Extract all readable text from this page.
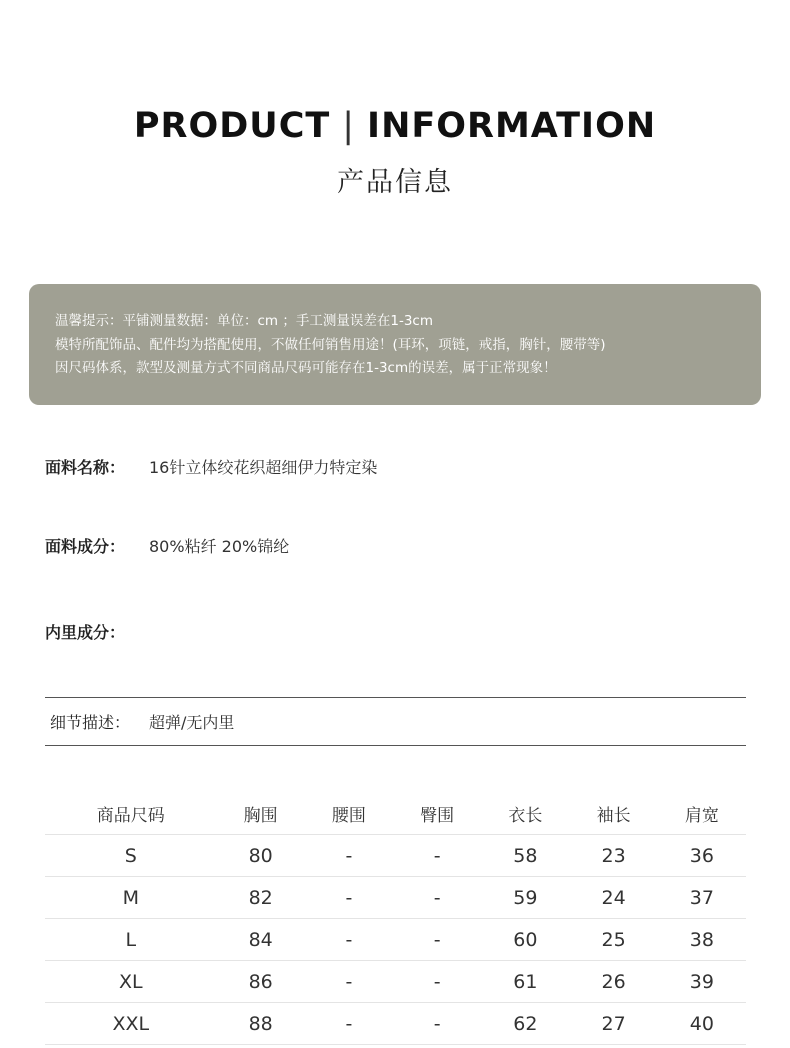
PRODUCT | INFORMATION
产品信息
温馨提示：平铺测量数据：单位：cm ；手工测量误差在1-3cm
模特所配饰品、配件均为搭配使用，不做任何销售用途！(耳环，项链，戒指，胸针，腰带等)
因尺码体系，款型及测量方式不同商品尺码可能存在1-3cm的误差，属于正常现象！
面料名称：	16针立体绞花织超细伊力特定染
面料成分：	80%粘纤 20%锦纶
内里成分：
细节描述：	超弹/无内里
商品尺码	胸围	腰围	臀围	衣长	袖长	肩宽
S	80	-	-	58	23	36
M	82	-	-	59	24	37
L	84	-	-	60	25	38
XL	86	-	-	61	26	39
XXL	88	-	-	62	27	40
